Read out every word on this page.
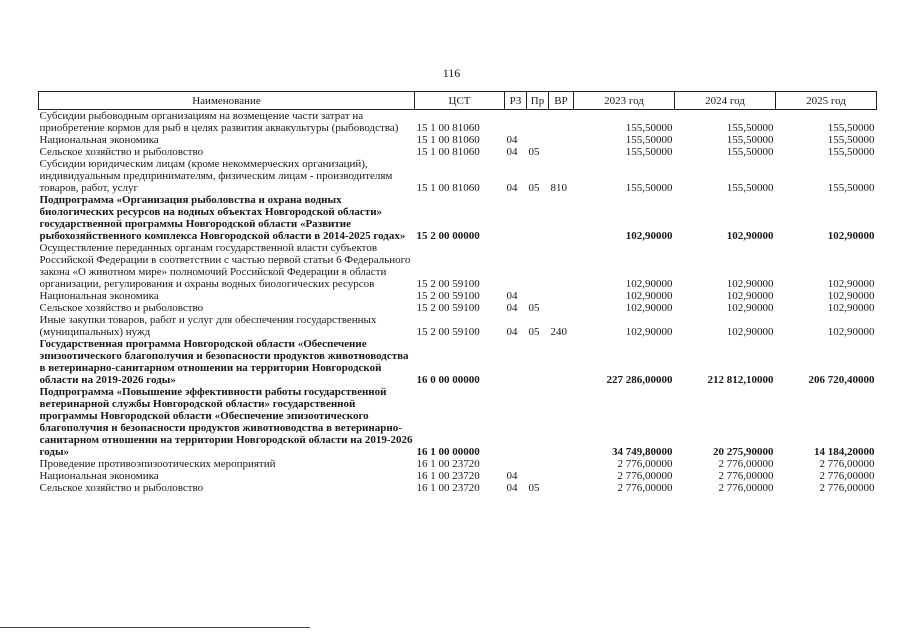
116
Наименование	ЦСТ	РЗ	Пр	ВР	2023 год	2024 год	2025 год
Субсидии рыбоводным организациям на возмещение части затрат на приобретение кормов для рыб в целях развития аквакультуры (рыбоводства)	15 1 00 81060				155,50000	155,50000	155,50000
Национальная экономика	15 1 00 81060	04			155,50000	155,50000	155,50000
Сельское хозяйство и рыболовство	15 1 00 81060	04	05		155,50000	155,50000	155,50000
Субсидии юридическим лицам (кроме некоммерческих организаций), индивидуальным предпринимателям, физическим лицам - производителям товаров, работ, услуг	15 1 00 81060	04	05	810	155,50000	155,50000	155,50000
Подпрограмма «Организация рыболовства и охрана водных биологических ресурсов на водных объектах Новгородской области» государственной программы Новгородской области «Развитие рыбохозяйственного комплекса Новгородской области в 2014-2025 годах»	15 2 00 00000				102,90000	102,90000	102,90000
Осуществление переданных органам государственной власти субъектов Российской Федерации в соответствии с частью первой статьи 6 Федерального закона «О животном мире» полномочий Российской Федерации в области организации, регулирования и охраны водных биологических ресурсов	15 2 00 59100				102,90000	102,90000	102,90000
Национальная экономика	15 2 00 59100	04			102,90000	102,90000	102,90000
Сельское хозяйство и рыболовство	15 2 00 59100	04	05		102,90000	102,90000	102,90000
Иные закупки товаров, работ и услуг для обеспечения государственных (муниципальных) нужд	15 2 00 59100	04	05	240	102,90000	102,90000	102,90000
Государственная программа Новгородской области «Обеспечение эпизоотического благополучия и безопасности продуктов животноводства в ветеринарно-санитарном отношении на территории Новгородской области на 2019-2026 годы»	16 0 00 00000				227 286,00000	212 812,10000	206 720,40000
Подпрограмма «Повышение эффективности работы государственной ветеринарной службы Новгородской области» государственной программы Новгородской области «Обеспечение эпизоотического благополучия и безопасности продуктов животноводства в ветеринарно-санитарном отношении на территории Новгородской области на 2019-2026 годы»	16 1 00 00000				34 749,80000	20 275,90000	14 184,20000
Проведение противоэпизоотических мероприятий	16 1 00 23720				2 776,00000	2 776,00000	2 776,00000
Национальная экономика	16 1 00 23720	04			2 776,00000	2 776,00000	2 776,00000
Сельское хозяйство и рыболовство	16 1 00 23720	04	05		2 776,00000	2 776,00000	2 776,00000
